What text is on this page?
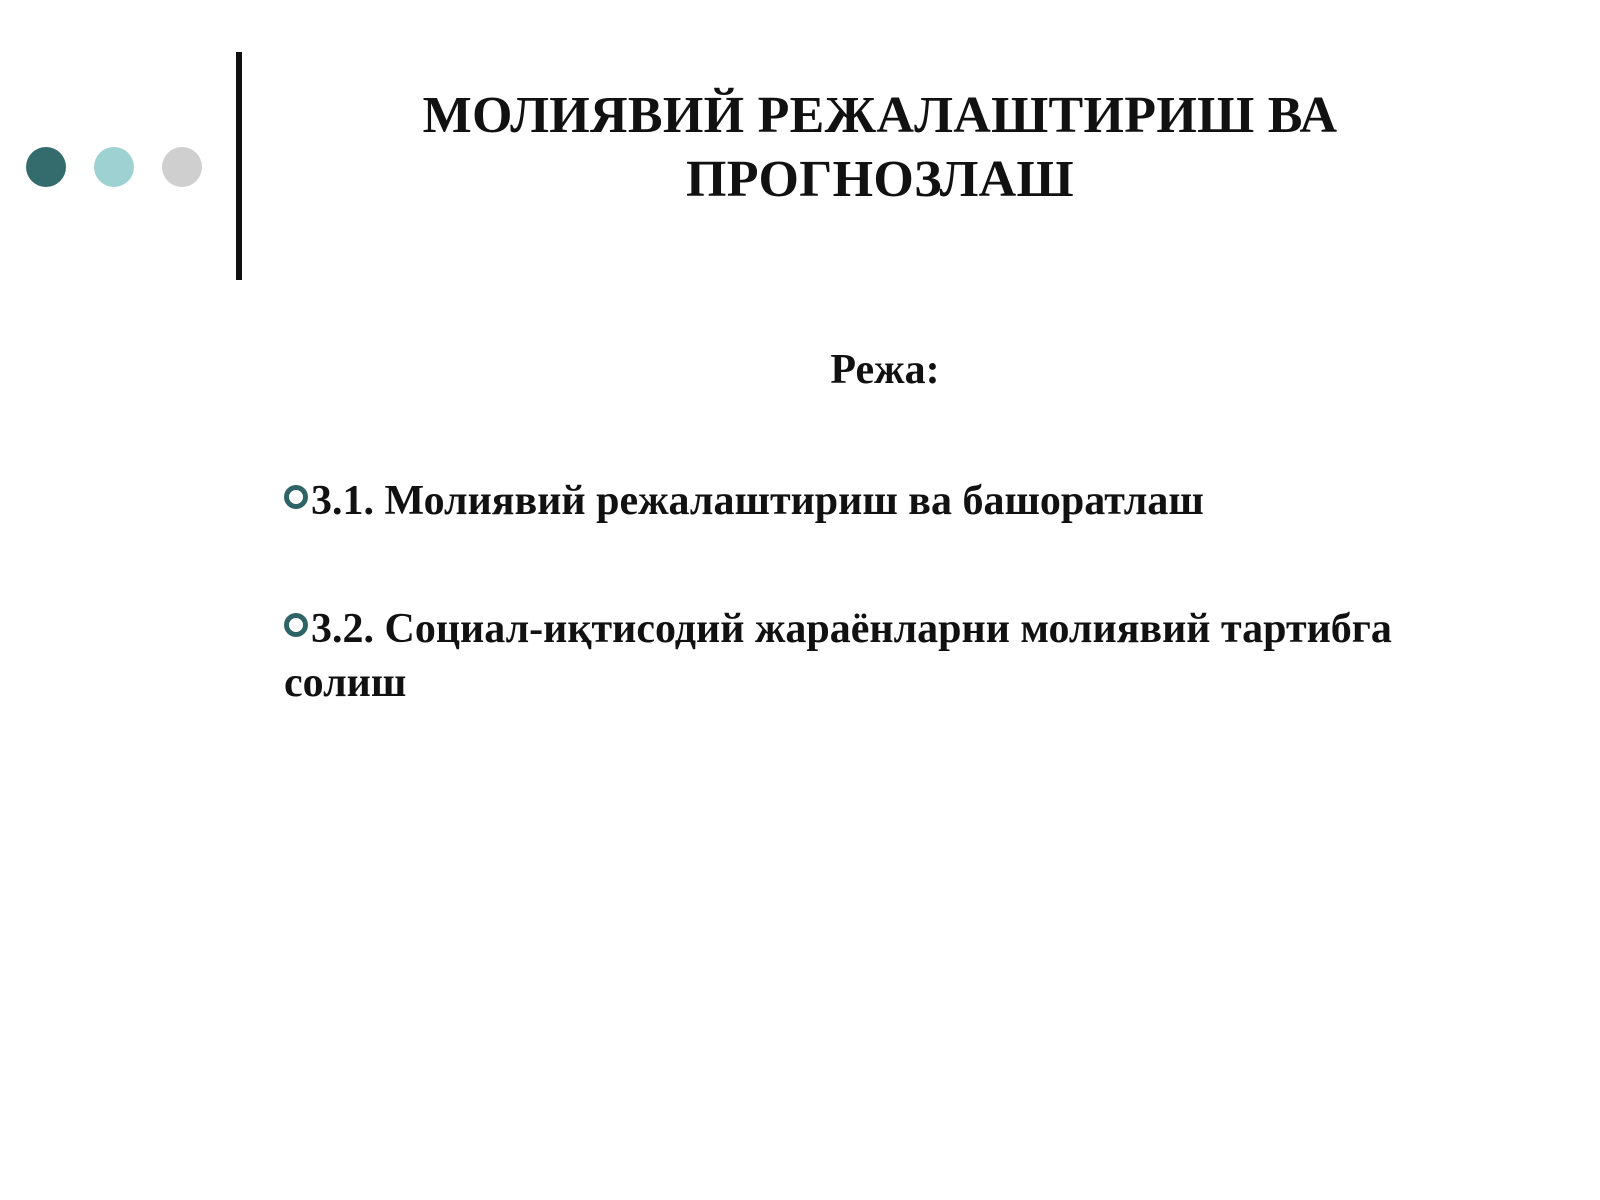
МОЛИЯВИЙ РЕЖАЛАШТИРИШ ВА ПРОГНОЗЛАШ
Режа:
3.1. Молиявий режалаштириш ва башоратлаш
3.2. Социал-иқтисодий жараёнларни молиявий тартибга солиш
